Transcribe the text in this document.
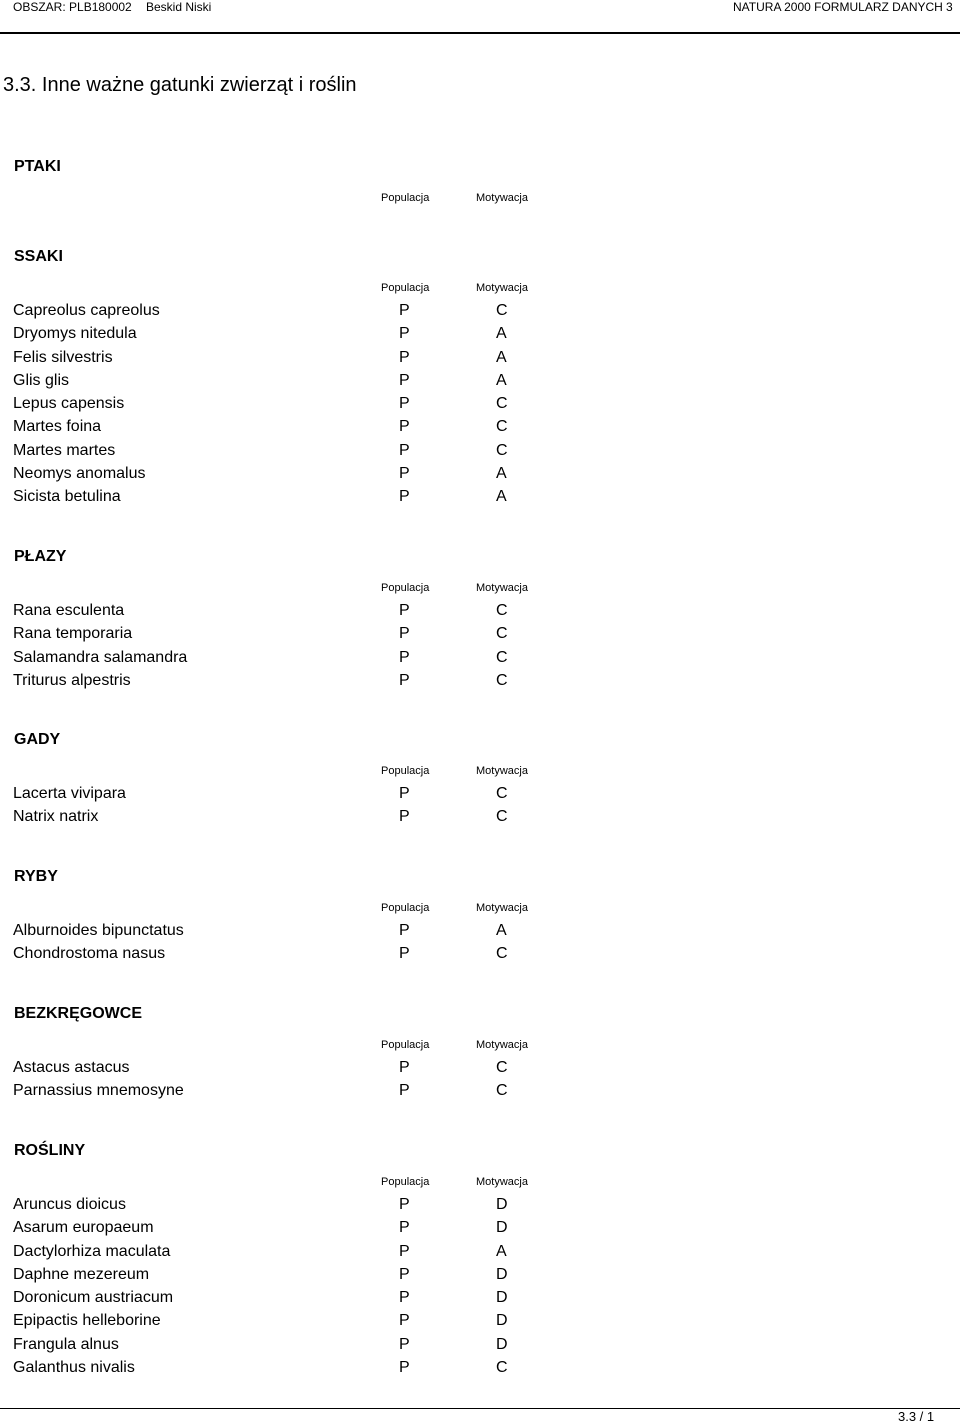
OBSZAR: PLB180002 Beskid Niski	NATURA 2000 FORMULARZ DANYCH 3
3.3. Inne ważne gatunki zwierząt i roślin
PTAKI
Populacja	Motywacja
SSAKI
Populacja	Motywacja
Capreolus capreolus	P	C
Dryomys nitedula	P	A
Felis silvestris	P	A
Glis glis	P	A
Lepus capensis	P	C
Martes foina	P	C
Martes martes	P	C
Neomys anomalus	P	A
Sicista betulina	P	A
PŁAZY
Populacja	Motywacja
Rana esculenta	P	C
Rana temporaria	P	C
Salamandra salamandra	P	C
Triturus alpestris	P	C
GADY
Populacja	Motywacja
Lacerta vivipara	P	C
Natrix natrix	P	C
RYBY
Populacja	Motywacja
Alburnoides bipunctatus	P	A
Chondrostoma nasus	P	C
BEZKRĘGOWCE
Populacja	Motywacja
Astacus astacus	P	C
Parnassius mnemosyne	P	C
ROŚLINY
Populacja	Motywacja
Aruncus dioicus	P	D
Asarum europaeum	P	D
Dactylorhiza maculata	P	A
Daphne mezereum	P	D
Doronicum austriacum	P	D
Epipactis helleborine	P	D
Frangula alnus	P	D
Galanthus nivalis	P	C
3.3 / 1
